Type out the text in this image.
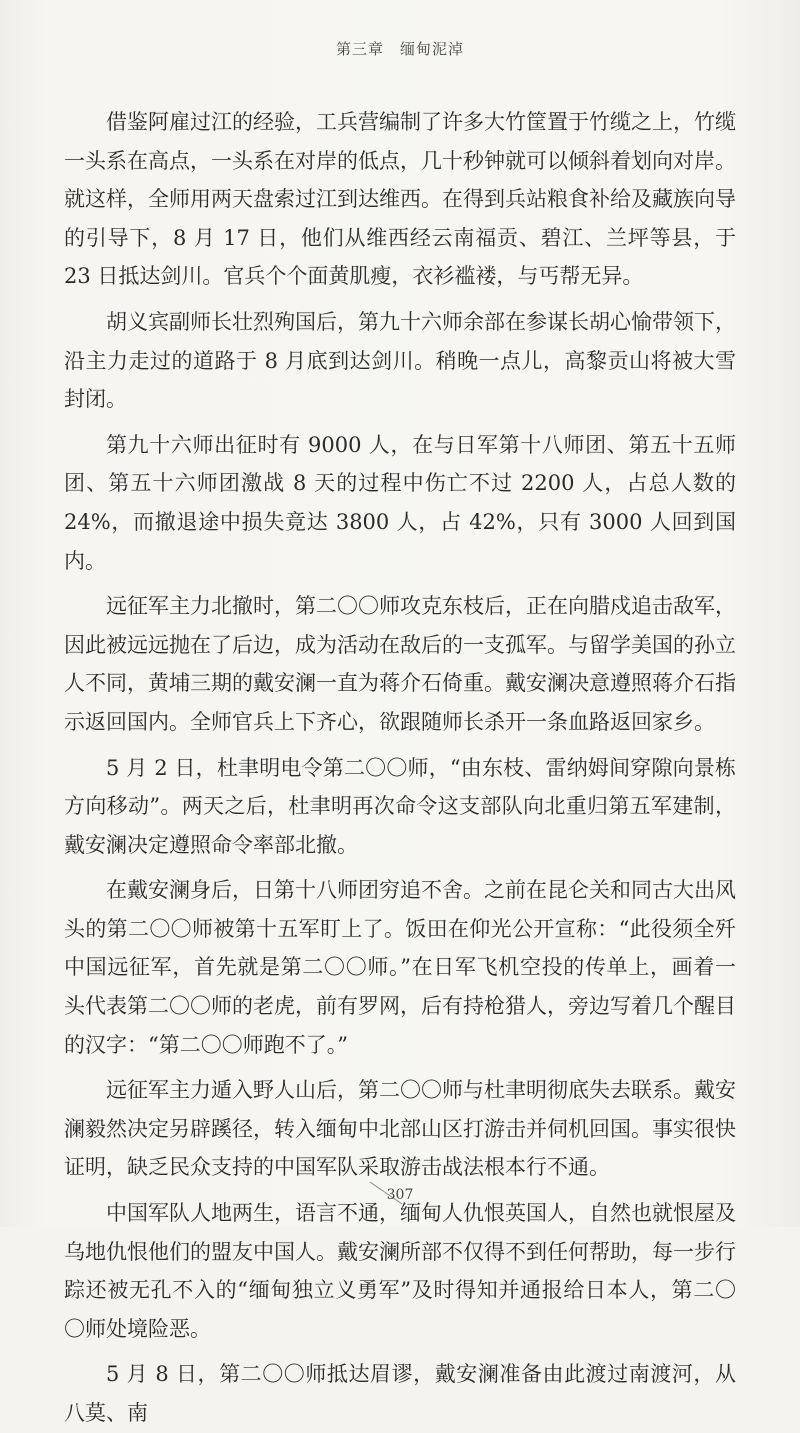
第三章　缅甸泥淖

借鉴阿雇过江的经验，工兵营编制了许多大竹筐置于竹缆之上，竹缆一头系在高点，一头系在对岸的低点，几十秒钟就可以倾斜着划向对岸。就这样，全师用两天盘索过江到达维西。在得到兵站粮食补给及藏族向导的引导下，8 月 17 日，他们从维西经云南福贡、碧江、兰坪等县，于 23 日抵达剑川。官兵个个面黄肌瘦，衣衫褴褛，与丐帮无异。

胡义宾副师长壮烈殉国后，第九十六师余部在参谋长胡心愉带领下，沿主力走过的道路于 8 月底到达剑川。稍晚一点儿，高黎贡山将被大雪封闭。

第九十六师出征时有 9000 人，在与日军第十八师团、第五十五师团、第五十六师团激战 8 天的过程中伤亡不过 2200 人，占总人数的 24%，而撤退途中损失竟达 3800 人，占 42%，只有 3000 人回到国内。

远征军主力北撤时，第二〇〇师攻克东枝后，正在向腊戍追击敌军，因此被远远抛在了后边，成为活动在敌后的一支孤军。与留学美国的孙立人不同，黄埔三期的戴安澜一直为蒋介石倚重。戴安澜决意遵照蒋介石指示返回国内。全师官兵上下齐心，欲跟随师长杀开一条血路返回家乡。

5 月 2 日，杜聿明电令第二〇〇师，“由东枝、雷纳姆间穿隙向景栋方向移动”。两天之后，杜聿明再次命令这支部队向北重归第五军建制，戴安澜决定遵照命令率部北撤。

在戴安澜身后，日第十八师团穷追不舍。之前在昆仑关和同古大出风头的第二〇〇师被第十五军盯上了。饭田在仰光公开宣称：“此役须全歼中国远征军，首先就是第二〇〇师。”在日军飞机空投的传单上，画着一头代表第二〇〇师的老虎，前有罗网，后有持枪猎人，旁边写着几个醒目的汉字：“第二〇〇师跑不了。”

远征军主力遁入野人山后，第二〇〇师与杜聿明彻底失去联系。戴安澜毅然决定另辟蹊径，转入缅甸中北部山区打游击并伺机回国。事实很快证明，缺乏民众支持的中国军队采取游击战法根本行不通。

中国军队人地两生，语言不通，缅甸人仇恨英国人，自然也就恨屋及乌地仇恨他们的盟友中国人。戴安澜所部不仅得不到任何帮助，每一步行踪还被无孔不入的“缅甸独立义勇军”及时得知并通报给日本人，第二〇〇师处境险恶。

5 月 8 日，第二〇〇师抵达眉谬，戴安澜准备由此渡过南渡河，从八莫、南

307
